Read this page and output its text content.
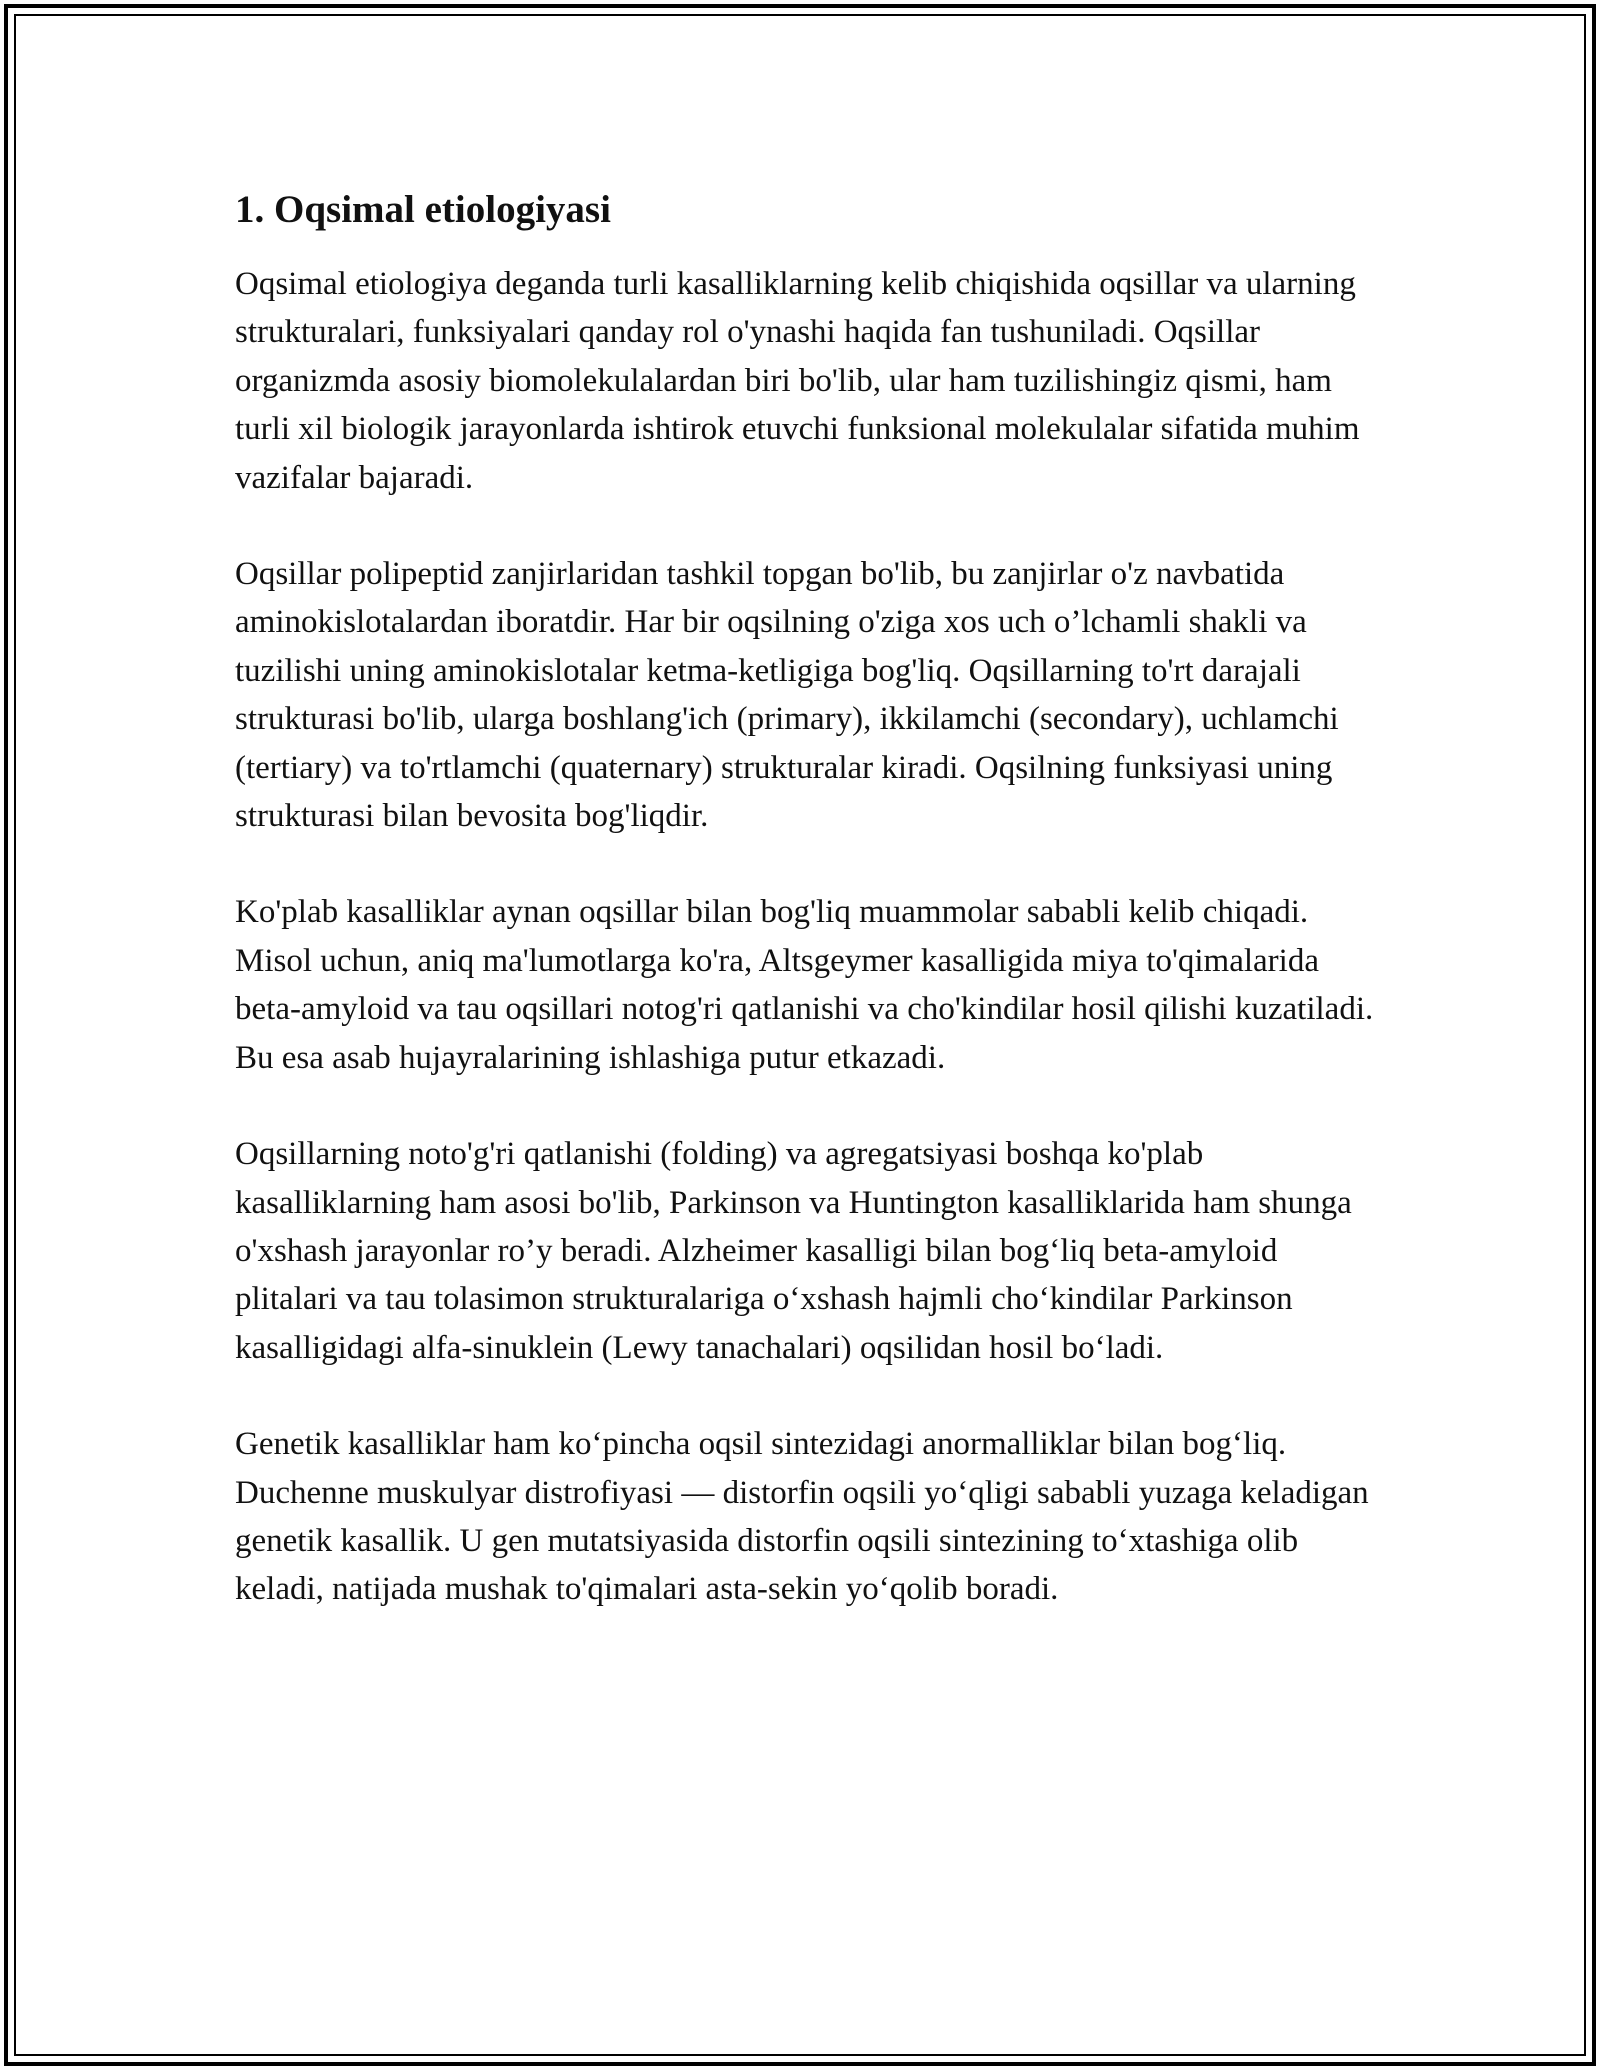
1. Oqsimal etiologiyasi

Oqsimal etiologiya deganda turli kasalliklarning kelib chiqishida oqsillar va ularning strukturalari, funksiyalari qanday rol o'ynashi haqida fan tushuniladi. Oqsillar organizmda asosiy biomolekulalardan biri bo'lib, ular ham tuzilishingiz qismi, ham turli xil biologik jarayonlarda ishtirok etuvchi funksional molekulalar sifatida muhim vazifalar bajaradi.

Oqsillar polipeptid zanjirlaridan tashkil topgan bo'lib, bu zanjirlar o'z navbatida aminokislotalardan iboratdir. Har bir oqsilning o'ziga xos uch o’lchamli shakli va tuzilishi uning aminokislotalar ketma-ketligiga bog'liq. Oqsillarning to'rt darajali strukturasi bo'lib, ularga boshlang'ich (primary), ikkilamchi (secondary), uchlamchi (tertiary) va to'rtlamchi (quaternary) strukturalar kiradi. Oqsilning funksiyasi uning strukturasi bilan bevosita bog'liqdir.

Ko'plab kasalliklar aynan oqsillar bilan bog'liq muammolar sababli kelib chiqadi. Misol uchun, aniq ma'lumotlarga ko'ra, Altsgeymer kasalligida miya to'qimalarida beta-amyloid va tau oqsillari notog'ri qatlanishi va cho'kindilar hosil qilishi kuzatiladi. Bu esa asab hujayralarining ishlashiga putur etkazadi.

Oqsillarning noto'g'ri qatlanishi (folding) va agregatsiyasi boshqa ko'plab kasalliklarning ham asosi bo'lib, Parkinson va Huntington kasalliklarida ham shunga o'xshash jarayonlar ro’y beradi. Alzheimer kasalligi bilan bog‘liq beta-amyloid plitalari va tau tolasimon strukturalariga o‘xshash hajmli cho‘kindilar Parkinson kasalligidagi alfa-sinuklein (Lewy tanachalari) oqsilidan hosil bo‘ladi.

Genetik kasalliklar ham ko‘pincha oqsil sintezidagi anormalliklar bilan bog‘liq. Duchenne muskulyar distrofiyasi — distorfin oqsili yo‘qligi sababli yuzaga keladigan genetik kasallik. U gen mutatsiyasida distorfin oqsili sintezining to‘xtashiga olib keladi, natijada mushak to'qimalari asta-sekin yo‘qolib boradi.
